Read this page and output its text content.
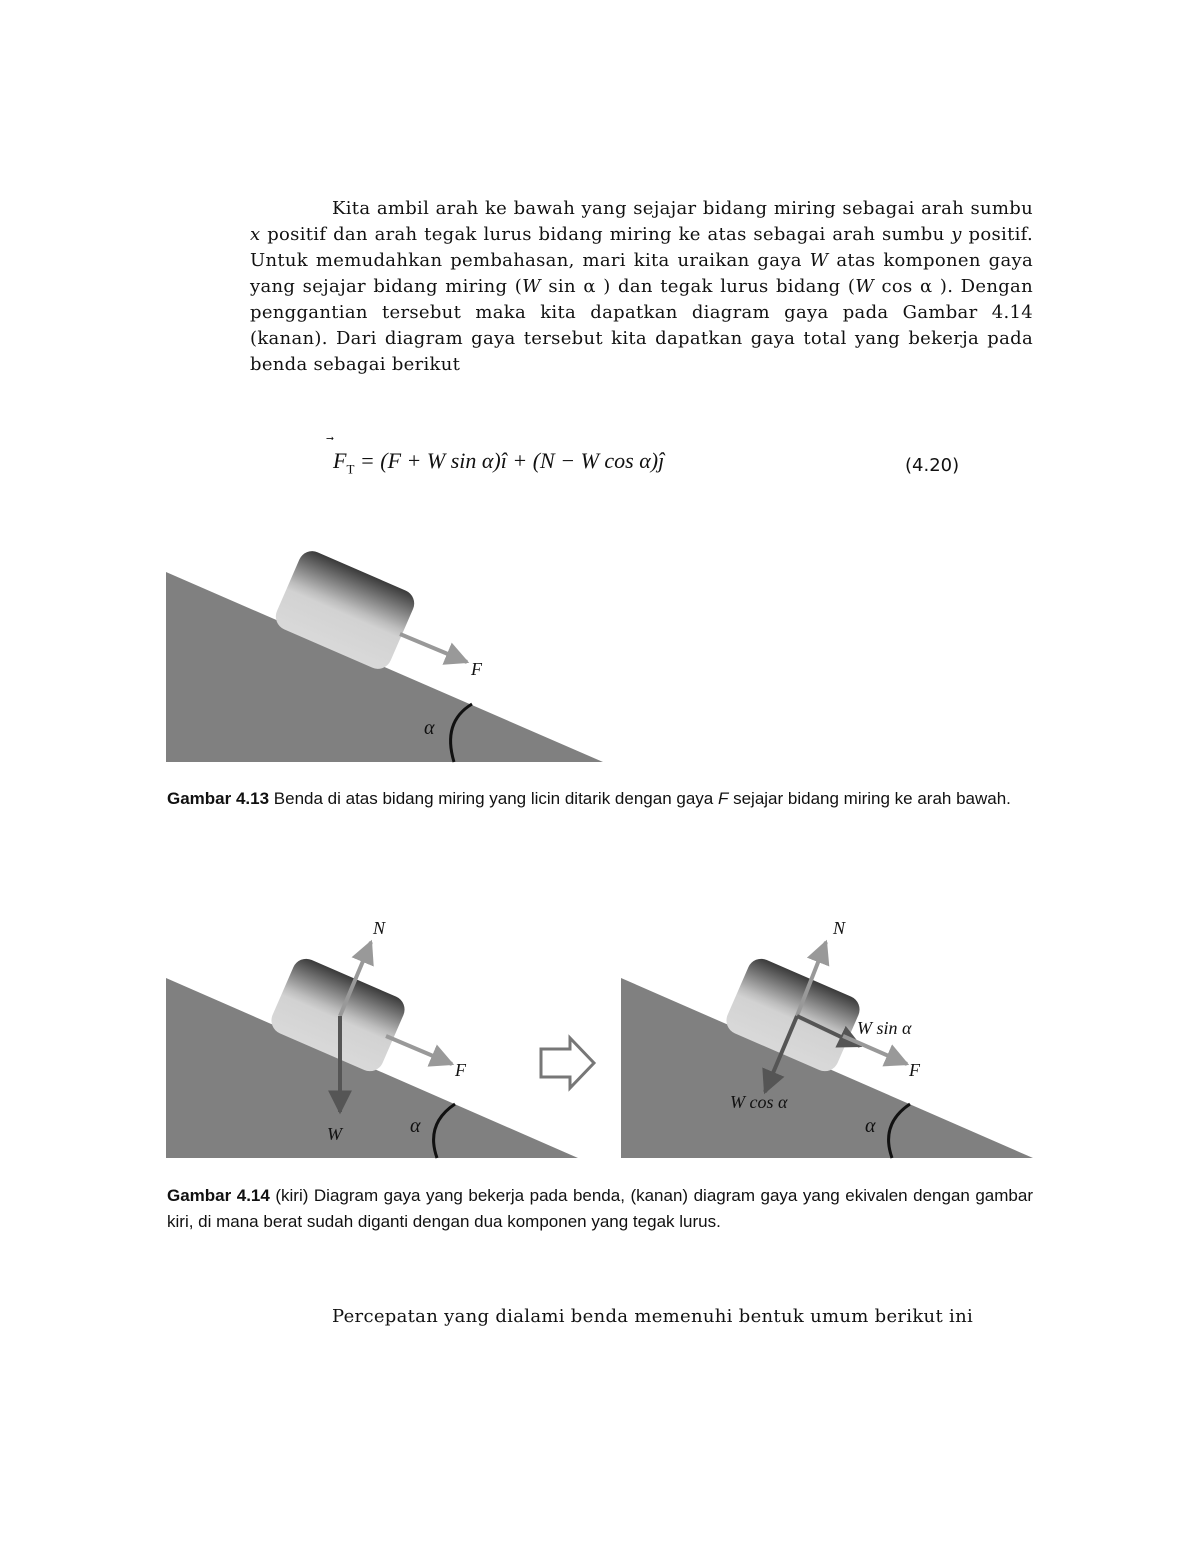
Kita ambil arah ke bawah yang sejajar bidang miring sebagai arah sumbu x positif dan arah tegak lurus bidang miring ke atas sebagai arah sumbu y positif. Untuk memudahkan pembahasan, mari kita uraikan gaya W atas komponen gaya yang sejajar bidang miring (W sin α ) dan tegak lurus bidang (W cos α ). Dengan penggantian tersebut maka kita dapatkan diagram gaya pada Gambar 4.14 (kanan). Dari diagram gaya tersebut kita dapatkan gaya total yang bekerja pada benda sebagai berikut
$F_T = (F + W$ sin α)î + (N − W cos α)ĵ	(4.20)
F
α
Gambar 4.13 Benda di atas bidang miring yang licin ditarik dengan gaya F sejajar bidang miring ke arah bawah.
N
W
F
α
N
W sin α
W cos α
F
α
Gambar 4.14 (kiri) Diagram gaya yang bekerja pada benda, (kanan) diagram gaya yang ekivalen dengan gambar kiri, di mana berat sudah diganti dengan dua komponen yang tegak lurus.
Percepatan yang dialami benda memenuhi bentuk umum berikut ini
